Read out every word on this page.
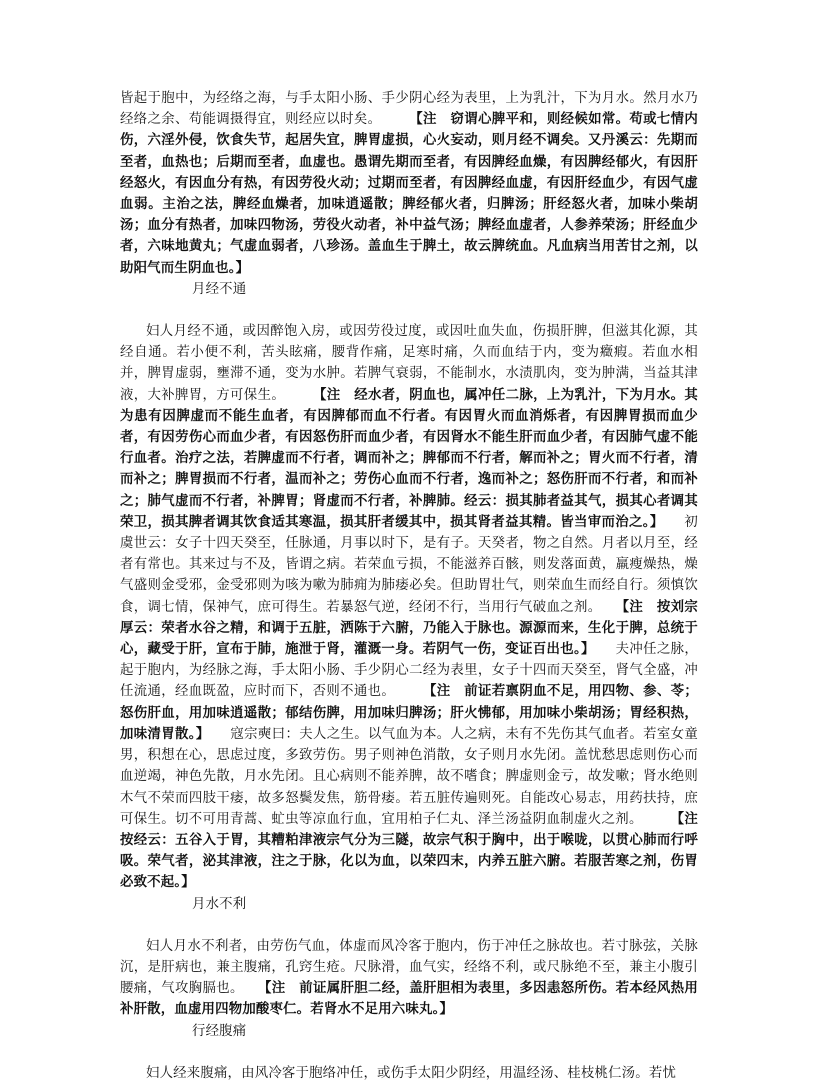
皆起于胞中，为经络之海，与手太阳小肠、手少阴心经为表里，上为乳汁，下为月水。然月水乃经络之余、苟能调摄得宜，则经应以时矣。　　　	【注　窃谓心脾平和，则经候如常。苟或七情内伤，六淫外侵，饮食失节，起居失宜，脾胃虚损，心火妄动，则月经不调矣。又丹溪云：先期而至者，血热也；后期而至者，血虚也。愚谓先期而至者，有因脾经血燥，有因脾经郁火，有因肝经怒火，有因血分有热，有因劳役火动；过期而至者，有因脾经血虚，有因肝经血少，有因气虚血弱。主治之法，脾经血燥者，加味逍遥散；脾经郁火者，归脾汤；肝经怒火者，加味小柴胡汤；血分有热者，加味四物汤，劳役火动者，补中益气汤；脾经血虚者，人参养荣汤；肝经血少者，六味地黄丸；气虚血弱者，八珍汤。盖血生于脾土，故云脾统血。凡血病当用苦甘之剂，以助阳气而生阴血也。】

月经不通

妇人月经不通，或因醉饱入房，或因劳役过度，或因吐血失血，伤损肝脾，但滋其化源，其经自通。若小便不利，苦头眩痛，腰背作痛，足寒时痛，久而血结于内，变为癥瘕。若血水相并，脾胃虚弱，壅滞不通，变为水肿。若脾气衰弱，不能制水，水渍肌肉，变为肿满，当益其津液，大补脾胃，方可保生。　　　	【注　经水者，阴血也，属冲任二脉，上为乳汁，下为月水。其为患有因脾虚而不能生血者，有因脾郁而血不行者。有因胃火而血消烁者，有因脾胃损而血少者，有因劳伤心而血少者，有因怒伤肝而血少者，有因肾水不能生肝而血少者，有因肺气虚不能行血者。治疗之法，若脾虚而不行者，调而补之；脾郁而不行者，解而补之；胃火而不行者，清而补之；脾胃损而不行者，温而补之；劳伤心血而不行者，逸而补之；怒伤肝而不行者，和而补之；肺气虚而不行者，补脾胃；肾虚而不行者，补脾肺。经云：损其肺者益其气，损其心者调其荣卫，损其脾者调其饮食适其寒温，损其肝者缓其中，损其肾者益其精。皆当审而治之。】　　 初虞世云：女子十四天癸至，任脉通，月事以时下，是有子。天癸者，物之自然。月者以月至，经者有常也。其来过与不及，皆谓之病。若荣血亏损，不能滋养百骸，则发落面黄，羸瘦燥热，燥气盛则金受邪，金受邪则为咳为嗽为肺痈为肺痿必矣。但助胃壮气，则荣血生而经自行。须慎饮食，调七情，保神气，庶可得生。若暴怒气逆，经闭不行，当用行气破血之剂。　　 【注　按刘宗厚云：荣者水谷之精，和调于五脏，洒陈于六腑，乃能入于脉也。源源而来，生化于脾，总统于心，藏受于肝，宣布于肺，施泄于肾，灌溉一身。若阴气一伤，变证百出也。】　　 夫冲任之脉，起于胞内，为经脉之海，手太阳小肠、手少阴心二经为表里，女子十四而天癸至，肾气全盛，冲任流通，经血既盈，应时而下，否则不通也。　　　	【注　前证若禀阴血不足，用四物、参、苓；怒伤肝血，用加味逍遥散；郁结伤脾，用加味归脾汤；肝火怫郁，用加味小柴胡汤；胃经积热，加味清胃散。】　　 寇宗奭曰：夫人之生。以气血为本。人之病，未有不先伤其气血者。若室女童男，积想在心，思虑过度，多致劳伤。男子则神色消散，女子则月水先闭。盖忧愁思虑则伤心而血逆竭，神色先散，月水先闭。且心病则不能养脾，故不嗜食；脾虚则金亏，故发嗽；肾水绝则木气不荣而四肢干痿，故多怒鬓发焦，筋骨痿。若五脏传遍则死。自能改心易志，用药扶持，庶可保生。切不可用青蒿、虻虫等凉血行血，宜用柏子仁丸、泽兰汤益阴血制虚火之剂。　　　	【注　按经云：五谷入于胃，其糟粕津液宗气分为三隧，故宗气积于胸中，出于喉咙，以贯心肺而行呼吸。荣气者，泌其津液，注之于脉，化以为血，以荣四末，内养五脏六腑。若服苦寒之剂，伤胃必致不起。】

月水不利

妇人月水不利者，由劳伤气血，体虚而风冷客于胞内，伤于冲任之脉故也。若寸脉弦，关脉沉，是肝病也，兼主腹痛，孔窍生疮。尺脉滑，血气实，经络不利，或尺脉绝不至，兼主小腹引腰痛，气攻胸膈也。　　 【注　前证属肝胆二经，盖肝胆相为表里，多因恚怒所伤。若本经风热用补肝散，血虚用四物加酸枣仁。若肾水不足用六味丸。】

行经腹痛

妇人经来腹痛，由风冷客于胞络冲任，或伤手太阳少阴经，用温经汤、桂枝桃仁汤。若忧
